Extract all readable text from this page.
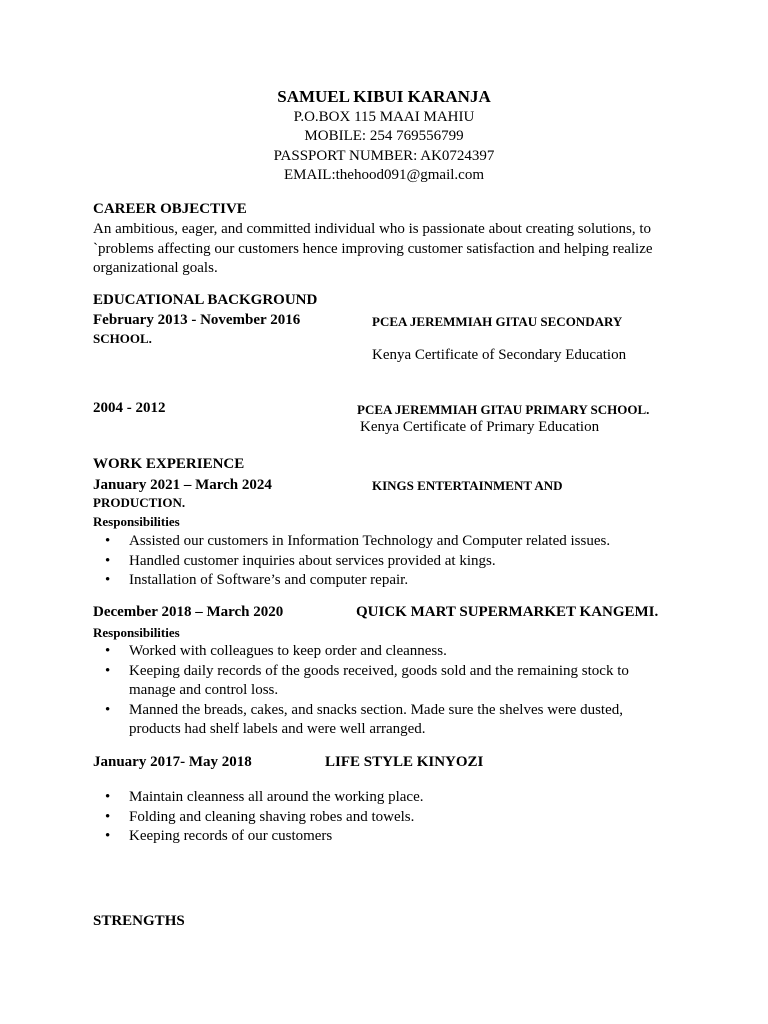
SAMUEL KIBUI KARANJA
P.O.BOX 115 MAAI MAHIU
MOBILE: 254 769556799
PASSPORT NUMBER: AK0724397
EMAIL:thehood091@gmail.com
CAREER OBJECTIVE
An ambitious, eager, and committed individual who is passionate about creating solutions, to `problems affecting our customers hence improving customer satisfaction and helping realize organizational goals.
EDUCATIONAL BACKGROUND
February 2013 - November 2016	PCEA JEREMMIAH GITAU SECONDARY
SCHOOL.
Kenya Certificate of Secondary Education
2004 - 2012	PCEA JEREMMIAH GITAU PRIMARY SCHOOL.
Kenya Certificate of Primary Education
WORK EXPERIENCE
January 2021 – March 2024	KINGS ENTERTAINMENT AND
PRODUCTION.
Responsibilities
• Assisted our customers in Information Technology and Computer related issues.
• Handled customer inquiries about services provided at kings.
• Installation of Software’s and computer repair.
December 2018 – March 2020	QUICK MART SUPERMARKET KANGEMI.
Responsibilities
• Worked with colleagues to keep order and cleanness.
• Keeping daily records of the goods received, goods sold and the remaining stock to manage and control loss.
• Manned the breads, cakes, and snacks section. Made sure the shelves were dusted, products had shelf labels and were well arranged.
January 2017- May 2018	LIFE STYLE KINYOZI
• Maintain cleanness all around the working place.
• Folding and cleaning shaving robes and towels.
• Keeping records of our customers
STRENGTHS
